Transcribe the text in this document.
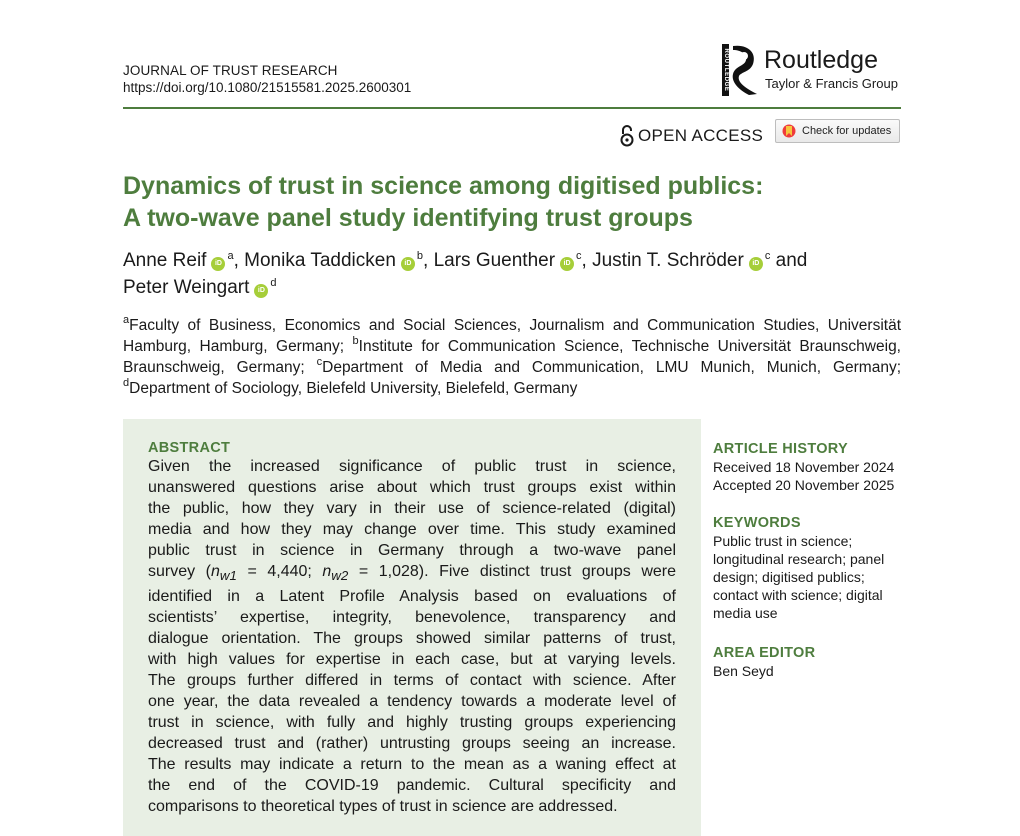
JOURNAL OF TRUST RESEARCH
https://doi.org/10.1080/21515581.2025.2600301	ROUTLEDGE Routledge
Taylor & Francis Group
OPEN ACCESS	Check for updates
Dynamics of trust in science among digitised publics:
A two-wave panel study identifying trust groups
Anne Reif $iD^a$, Monika Taddicken $iD^b$, Lars Guenther $iD^c$, Justin T. Schröder $iD^c$ and
Peter Weingart $iD^d$
$^a$Faculty of Business, Economics and Social Sciences, Journalism and Communication Studies, Universität
Hamburg, Hamburg, Germany; $^b$Institute for Communication Science, Technische Universität Braunschweig,
Braunschweig, Germany; $^c$Department of Media and Communication, LMU Munich, Munich, Germany;
$^d$Department of Sociology, Bielefeld University, Bielefeld, Germany
ABSTRACT
Given the increased significance of public trust in science,
unanswered questions arise about which trust groups exist within
the public, how they vary in their use of science-related (digital)
media and how they may change over time. This study examined
public trust in science in Germany through a two-wave panel
survey ($n_{w1} = 4,440$; $n_{w2} = 1,028$). Five distinct trust groups were
identified in a Latent Profile Analysis based on evaluations of
scientists’ expertise, integrity, benevolence, transparency and
dialogue orientation. The groups showed similar patterns of trust,
with high values for expertise in each case, but at varying levels.
The groups further differed in terms of contact with science. After
one year, the data revealed a tendency towards a moderate level of
trust in science, with fully and highly trusting groups experiencing
decreased trust and (rather) untrusting groups seeing an increase.
The results may indicate a return to the mean as a waning effect at
the end of the COVID-19 pandemic. Cultural specificity and
comparisons to theoretical types of trust in science are addressed.
ARTICLE HISTORY
Received 18 November 2024
Accepted 20 November 2025
KEYWORDS
Public trust in science;
longitudinal research; panel
design; digitised publics;
contact with science; digital
media use
AREA EDITOR
Ben Seyd
